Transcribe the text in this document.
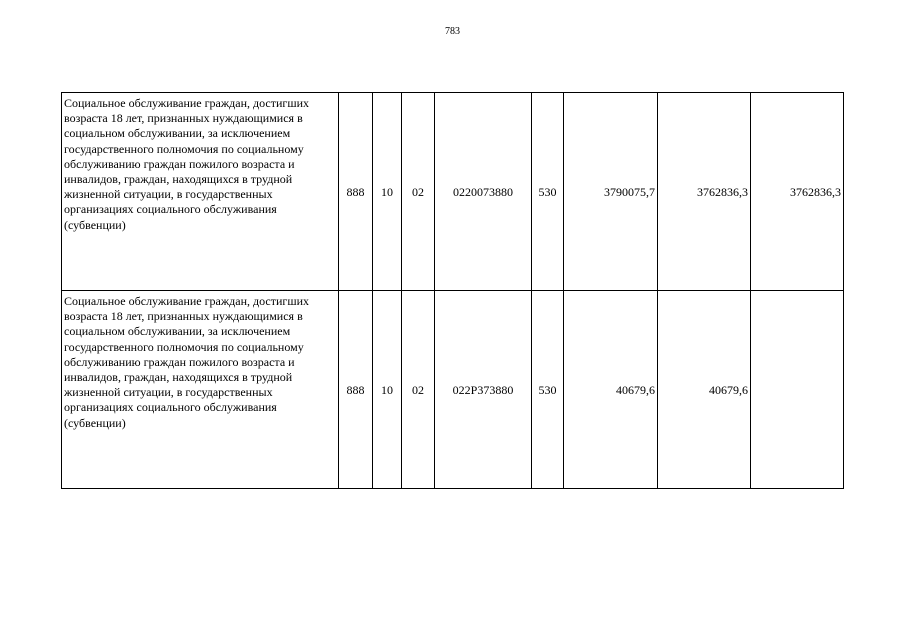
783
Социальное обслуживание граждан, достигших возраста 18 лет, признанных нуждающимися в социальном обслуживании, за исключением государственного полномочия по социальному обслуживанию граждан пожилого возраста и инвалидов, граждан, находящихся в трудной жизненной ситуации, в государственных организациях социального обслуживания (субвенции)	888	10	02	0220073880	530	3790075,7	3762836,3	3762836,3
Социальное обслуживание граждан, достигших возраста 18 лет, признанных нуждающимися в социальном обслуживании, за исключением государственного полномочия по социальному обслуживанию граждан пожилого возраста и инвалидов, граждан, находящихся в трудной жизненной ситуации, в государственных организациях социального обслуживания (субвенции)	888	10	02	022P373880	530	40679,6	40679,6	
